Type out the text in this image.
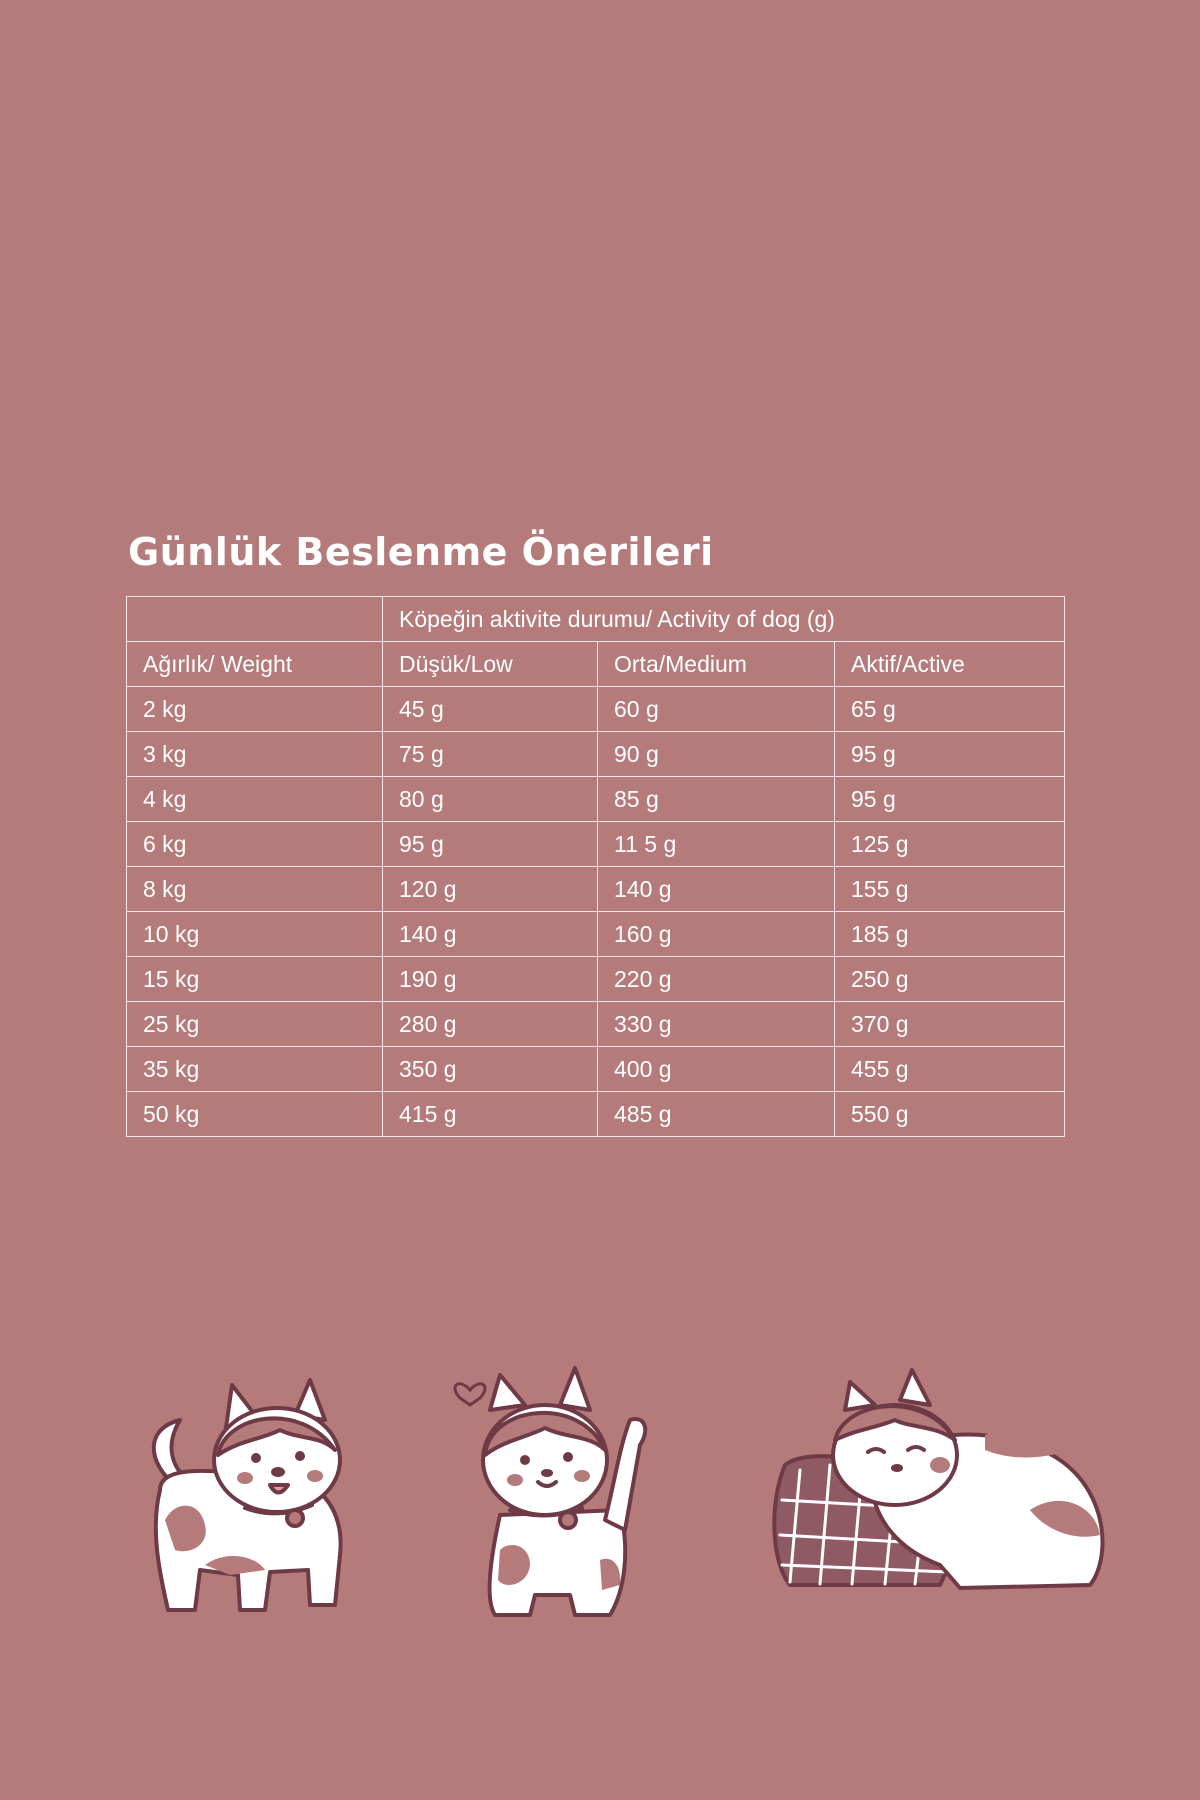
Günlük Beslenme Önerileri
	Köpeğin aktivite durumu/ Activity of dog (g)		
Ağırlık/ Weight	Düşük/Low	Orta/Medium	Aktif/Active
2 kg	45 g	60 g	65 g
3 kg	75 g	90 g	95 g
4 kg	80 g	85 g	95 g
6 kg	95 g	11 5 g	125 g
8 kg	120 g	140 g	155 g
10 kg	140 g	160 g	185 g
15 kg	190 g	220 g	250 g
25 kg	280 g	330 g	370 g
35 kg	350 g	400 g	455 g
50 kg	415 g	485 g	550 g
